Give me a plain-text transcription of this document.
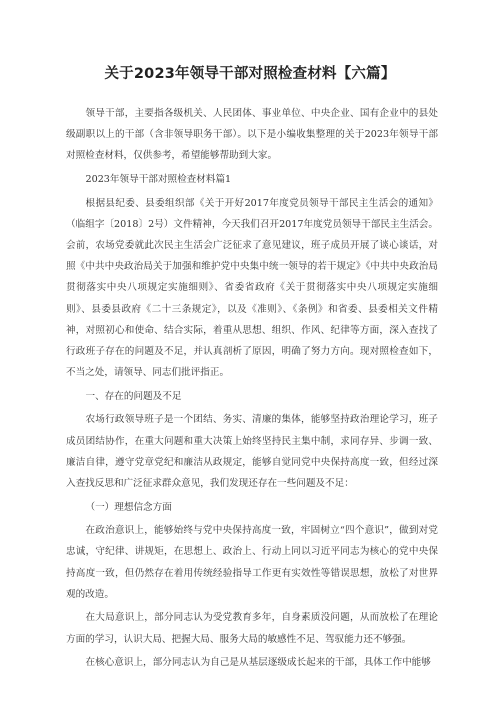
关于2023年领导干部对照检查材料【六篇】

领导干部，主要指各级机关、人民团体、事业单位、中央企业、国有企业中的县处级副职以上的干部（含非领导职务干部）。以下是小编收集整理的关于2023年领导干部对照检查材料，仅供参考，希望能够帮助到大家。

2023年领导干部对照检查材料篇1

根据县纪委、县委组织部《关于开好2017年度党员领导干部民主生活会的通知》（临组字〔2018〕2号）文件精神，今天我们召开2017年度党员领导干部民主生活会。会前，农场党委就此次民主生活会广泛征求了意见建议，班子成员开展了谈心谈话，对照《中共中央政治局关于加强和维护党中央集中统一领导的若干规定》《中共中央政治局贯彻落实中央八项规定实施细则》、省委省政府《关于贯彻落实中央八项规定实施细则》、县委县政府《二十三条规定》，以及《准则》、《条例》和省委、县委相关文件精神，对照初心和使命、结合实际，着重从思想、组织、作风、纪律等方面，深入查找了行政班子存在的问题及不足，并认真剖析了原因，明确了努力方向。现对照检查如下，不当之处，请领导、同志们批评指正。

一、存在的问题及不足

农场行政领导班子是一个团结、务实、清廉的集体，能够坚持政治理论学习，班子成员团结协作，在重大问题和重大决策上始终坚持民主集中制，求同存异、步调一致、廉洁自律，遵守党章党纪和廉洁从政规定，能够自觉同党中央保持高度一致，但经过深入查找反思和广泛征求群众意见，我们发现还存在一些问题及不足：

（一）理想信念方面

在政治意识上，能够始终与党中央保持高度一致，牢固树立“四个意识”，做到对党忠诚，守纪律、讲规矩，在思想上、政治上、行动上同以习近平同志为核心的党中央保持高度一致，但仍然存在着用传统经验指导工作更有实效性等错误思想，放松了对世界观的改造。

在大局意识上，部分同志认为受党教育多年，自身素质没问题，从而放松了在理论方面的学习，认识大局、把握大局、服务大局的敏感性不足、驾驭能力还不够强。

在核心意识上，部分同志认为自己是从基层逐级成长起来的干部，具体工作中能够
